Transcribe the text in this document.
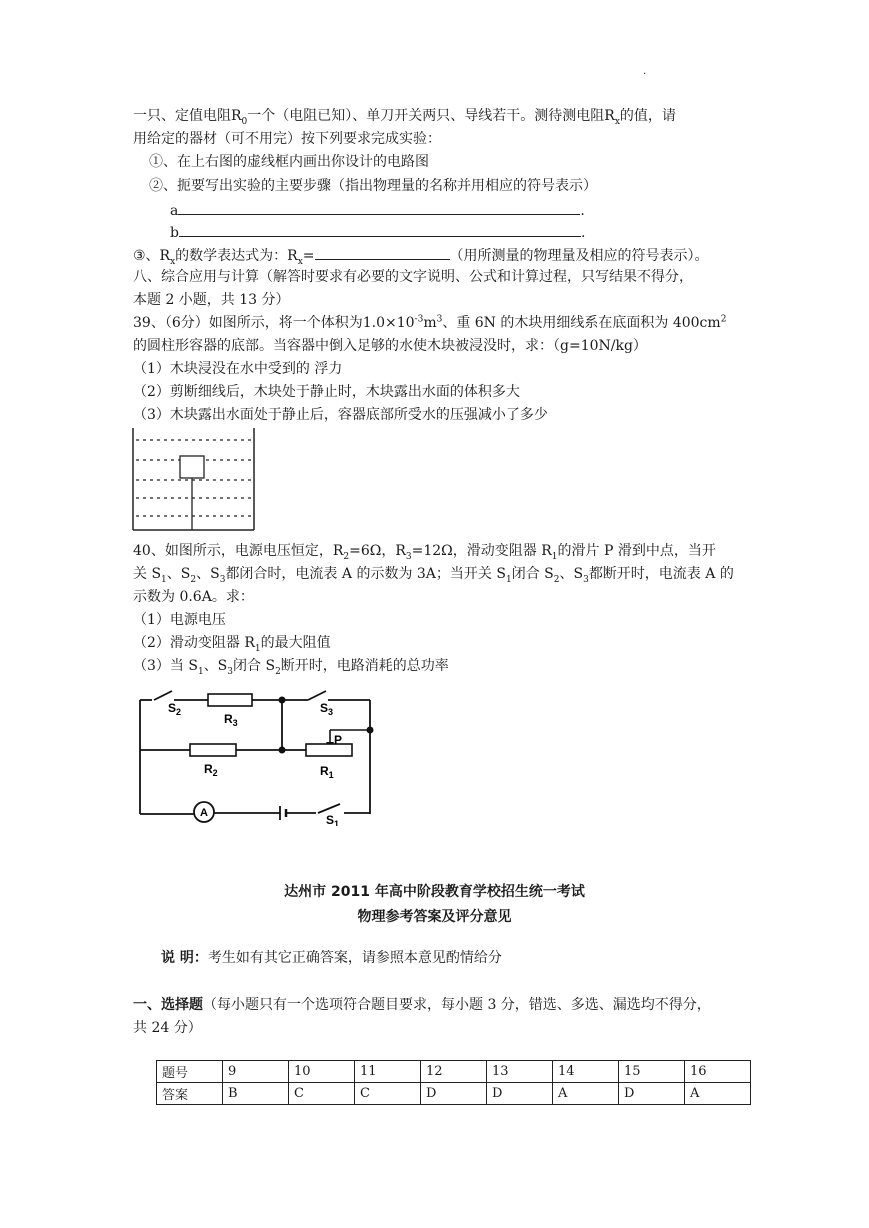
.
一只、定值电阻$R_0$一个（电阻已知）、单刀开关两只、导线若干。测待测电阻$R_x$的值，请
用给定的器材（可不用完）按下列要求完成实验：
①、在上右图的虚线框内画出你设计的电路图
②、扼要写出实验的主要步骤（指出物理量的名称并用相应的符号表示）
a	.
b	.
③、$R_x$的数学表达式为：$R_x=$	（用所测量的物理量及相应的符号表示）。
八、综合应用与计算（解答时要求有必要的文字说明、公式和计算过程，只写结果不得分，
本题 2 小题，共 13 分）
39、（6分）如图所示，将一个体积为$1.0\times 10^{-3}m^3$、重 6N 的木块用细线系在底面积为 $400cm^2$
的圆柱形容器的底部。当容器中倒入足够的水使木块被浸没时，求：（g=10N/kg）
（1）木块浸没在水中受到的 浮力
（2）剪断细线后，木块处于静止时，木块露出水面的体积多大
（3）木块露出水面处于静止后，容器底部所受水的压强减小了多少
40、如图所示，电源电压恒定，$R_2=6\Omega$，$R_3=12\Omega$，滑动变阻器 $R_1$的滑片 P 滑到中点，当开
关 $S_1$、$S_2$、$S_3$都闭合时，电流表 A 的示数为 3A；当开关 $S_1$闭合 $S_2$、$S_3$都断开时，电流表 A 的
示数为 0.6A。求：
（1）电源电压
（2）滑动变阻器 $R_1$的最大阻值
（3）当 $S_1$、$S_3$闭合 $S_2$断开时，电路消耗的总功率
$S_2$	$R_3$
$S_3$
P
$R_2$	$R_1$
A	$S_1$
达州市 2011 年高中阶段教育学校招生统一考试
物理参考答案及评分意见
说 明：考生如有其它正确答案，请参照本意见酌情给分
一、选择题（每小题只有一个选项符合题目要求，每小题 3 分，错选、多选、漏选均不得分，
共 24 分）
题号	9	10	11	12	13	14	15	16
答案	B	C	C	D	D	A	D	A
